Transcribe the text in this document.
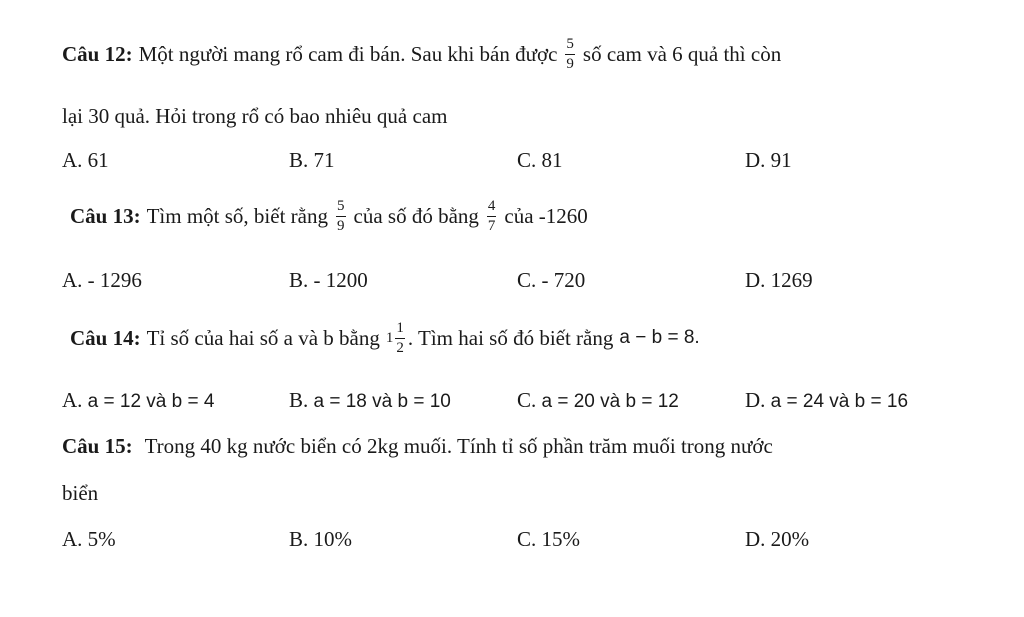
Câu 12: Một người mang rổ cam đi bán. Sau khi bán được $\frac{5}{9}$ số cam và 6 quả thì còn
lại 30 quả. Hỏi trong rổ có bao nhiêu quả cam
A. 61	B. 71	C. 81	D. 91
Câu 13: Tìm một số, biết rằng $\frac{5}{9}$ của số đó bằng $\frac{4}{7}$ của -1260
A. - 1296	B. - 1200	C. - 720	D. 1269
Câu 14: Tỉ số của hai số a và b bằng $1 \frac{1}{2}$ . Tìm hai số đó biết rằng a − b = 8.
A. a = 12 và b = 4	B. a = 18 và b = 10	C. a = 20 và b = 12	D. a = 24 và b = 16
Câu 15: Trong 40 kg nước biển có 2kg muối. Tính tỉ số phần trăm muối trong nước
biển
A. 5%	B. 10%	C. 15%	D. 20%
